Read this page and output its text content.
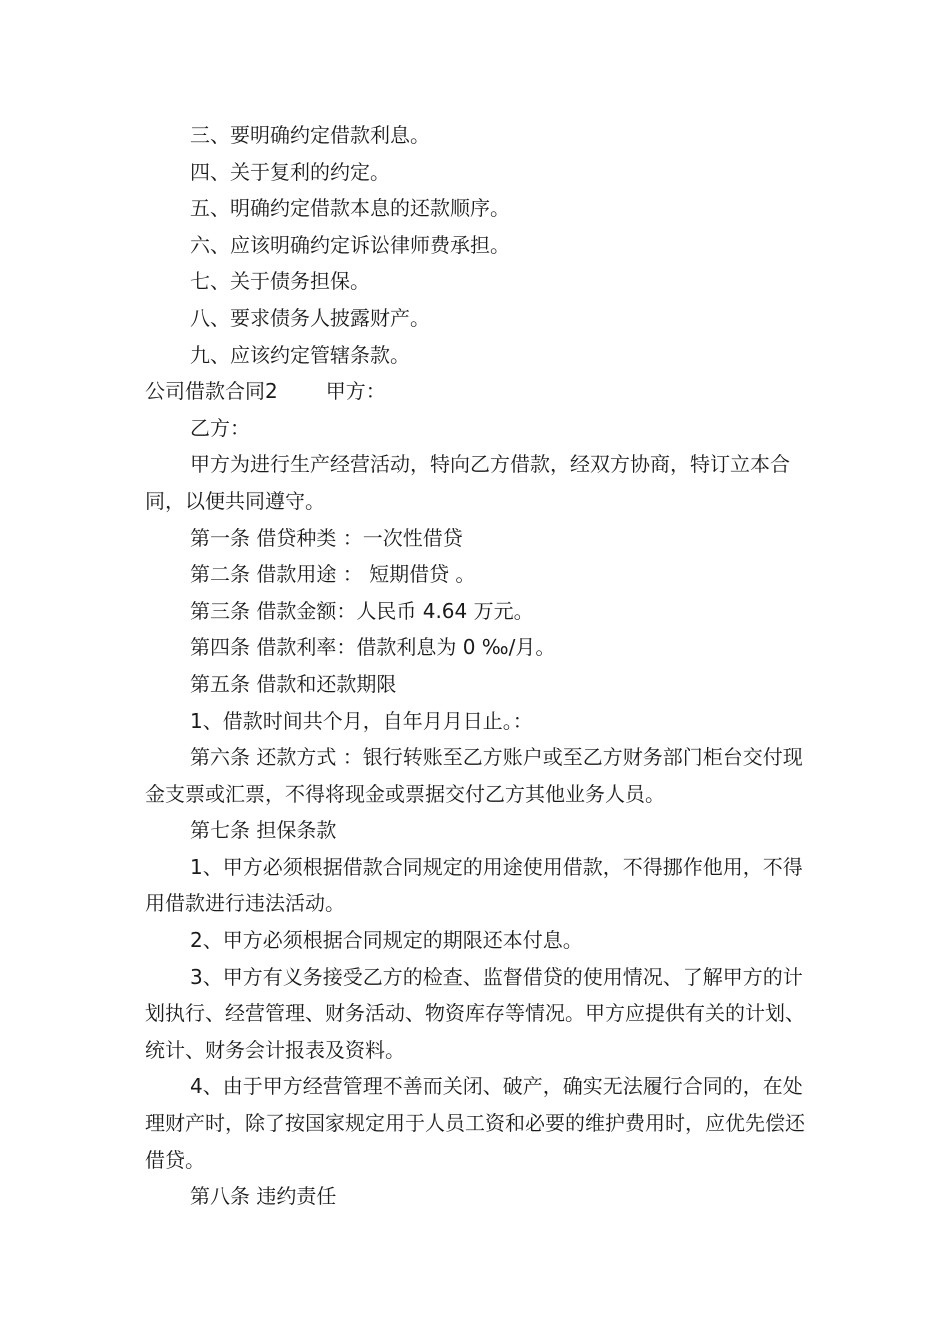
三、要明确约定借款利息。

四、关于复利的约定。

五、明确约定借款本息的还款顺序。

六、应该明确约定诉讼律师费承担。

七、关于债务担保。

八、要求债务人披露财产。

九、应该约定管辖条款。

公司借款合同2 甲方：

乙方：

甲方为进行生产经营活动，特向乙方借款，经双方协商，特订立本合同，以便共同遵守。

第一条 借贷种类 ：一次性借贷

第二条 借款用途 ： 短期借贷 。

第三条 借款金额：人民币 4.64 万元。

第四条 借款利率：借款利息为 0 ‰/月。

第五条 借款和还款期限

1、借款时间共个月，自年月月日止。：

第六条 还款方式 ：银行转账至乙方账户或至乙方财务部门柜台交付现金支票或汇票，不得将现金或票据交付乙方其他业务人员。

第七条 担保条款

1、甲方必须根据借款合同规定的用途使用借款，不得挪作他用，不得用借款进行违法活动。

2、甲方必须根据合同规定的期限还本付息。

3、甲方有义务接受乙方的检查、监督借贷的使用情况、了解甲方的计划执行、经营管理、财务活动、物资库存等情况。甲方应提供有关的计划、统计、财务会计报表及资料。

4、由于甲方经营管理不善而关闭、破产，确实无法履行合同的，在处理财产时，除了按国家规定用于人员工资和必要的维护费用时，应优先偿还借贷。

第八条 违约责任
